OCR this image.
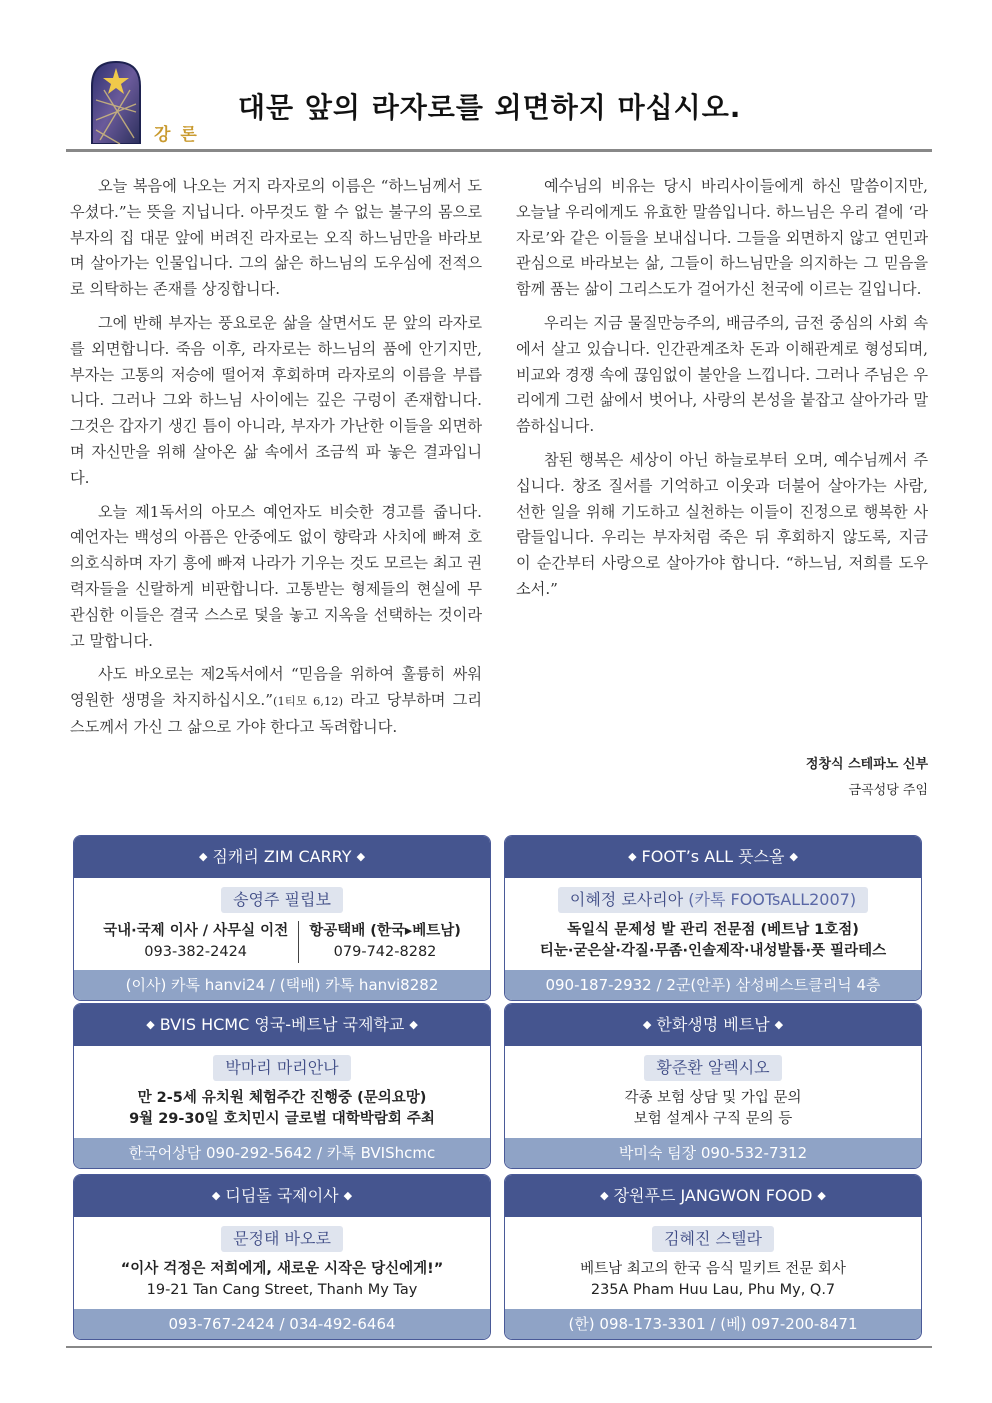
강 론
대문 앞의 라자로를 외면하지 마십시오.

오늘 복음에 나오는 거지 라자로의 이름은 “하느님께서 도우셨다.”는 뜻을 지닙니다. 아무것도 할 수 없는 불구의 몸으로 부자의 집 대문 앞에 버려진 라자로는 오직 하느님만을 바라보며 살아가는 인물입니다. 그의 삶은 하느님의 도우심에 전적으로 의탁하는 존재를 상징합니다.

그에 반해 부자는 풍요로운 삶을 살면서도 문 앞의 라자로를 외면합니다. 죽음 이후, 라자로는 하느님의 품에 안기지만, 부자는 고통의 저승에 떨어져 후회하며 라자로의 이름을 부릅니다. 그러나 그와 하느님 사이에는 깊은 구렁이 존재합니다. 그것은 갑자기 생긴 틈이 아니라, 부자가 가난한 이들을 외면하며 자신만을 위해 살아온 삶 속에서 조금씩 파 놓은 결과입니다.

오늘 제1독서의 아모스 예언자도 비슷한 경고를 줍니다. 예언자는 백성의 아픔은 안중에도 없이 향락과 사치에 빠져 호의호식하며 자기 흥에 빠져 나라가 기우는 것도 모르는 최고 권력자들을 신랄하게 비판합니다. 고통받는 형제들의 현실에 무관심한 이들은 결국 스스로 덫을 놓고 지옥을 선택하는 것이라고 말합니다.

사도 바오로는 제2독서에서 “믿음을 위하여 훌륭히 싸워 영원한 생명을 차지하십시오.”(1티모 6,12) 라고 당부하며 그리스도께서 가신 그 삶으로 가야 한다고 독려합니다.

예수님의 비유는 당시 바리사이들에게 하신 말씀이지만, 오늘날 우리에게도 유효한 말씀입니다. 하느님은 우리 곁에 ‘라자로’와 같은 이들을 보내십니다. 그들을 외면하지 않고 연민과 관심으로 바라보는 삶, 그들이 하느님만을 의지하는 그 믿음을 함께 품는 삶이 그리스도가 걸어가신 천국에 이르는 길입니다.

우리는 지금 물질만능주의, 배금주의, 금전 중심의 사회 속에서 살고 있습니다. 인간관계조차 돈과 이해관계로 형성되며, 비교와 경쟁 속에 끊임없이 불안을 느낍니다. 그러나 주님은 우리에게 그런 삶에서 벗어나, 사랑의 본성을 붙잡고 살아가라 말씀하십니다.

참된 행복은 세상이 아닌 하늘로부터 오며, 예수님께서 주십니다. 창조 질서를 기억하고 이웃과 더불어 살아가는 사람, 선한 일을 위해 기도하고 실천하는 이들이 진정으로 행복한 사람들입니다. 우리는 부자처럼 죽은 뒤 후회하지 않도록, 지금 이 순간부터 사랑으로 살아가야 합니다. “하느님, 저희를 도우소서.”

정창식 스테파노 신부
금곡성당 주임
◆ 짐캐리 ZIM CARRY ◆
송영주 필립보
국내·국제 이사 / 사무실 이전
093-382-2424
항공택배 (한국▸베트남)
079-742-8282
(이사) 카톡 hanvi24 / (택배) 카톡 hanvi8282
◆ FOOT’s ALL 풋스올 ◆
이혜정 로사리아 (카톡 FOOTsALL2007)
독일식 문제성 발 관리 전문점 (베트남 1호점)
티눈·굳은살·각질·무좀·인솔제작·내성발톱·풋 필라테스
090-187-2932 / 2군(안푸) 삼성베스트클리닉 4층
◆ BVIS HCMC 영국-베트남 국제학교 ◆
박마리 마리안나
만 2-5세 유치원 체험주간 진행중 (문의요망)
9월 29-30일 호치민시 글로벌 대학박람회 주최
한국어상담 090-292-5642 / 카톡 BVIShcmc
◆ 한화생명 베트남 ◆
황준환 알렉시오
각종 보험 상담 및 가입 문의
보험 설계사 구직 문의 등
박미숙 팀장 090-532-7312
◆ 디딤돌 국제이사 ◆
문정태 바오로
“이사 걱정은 저희에게, 새로운 시작은 당신에게!”
19-21 Tan Cang Street, Thanh My Tay
093-767-2424 / 034-492-6464
◆ 장원푸드 JANGWON FOOD ◆
김혜진 스텔라
베트남 최고의 한국 음식 밀키트 전문 회사
235A Pham Huu Lau, Phu My, Q.7
(한) 098-173-3301 / (베) 097-200-8471
